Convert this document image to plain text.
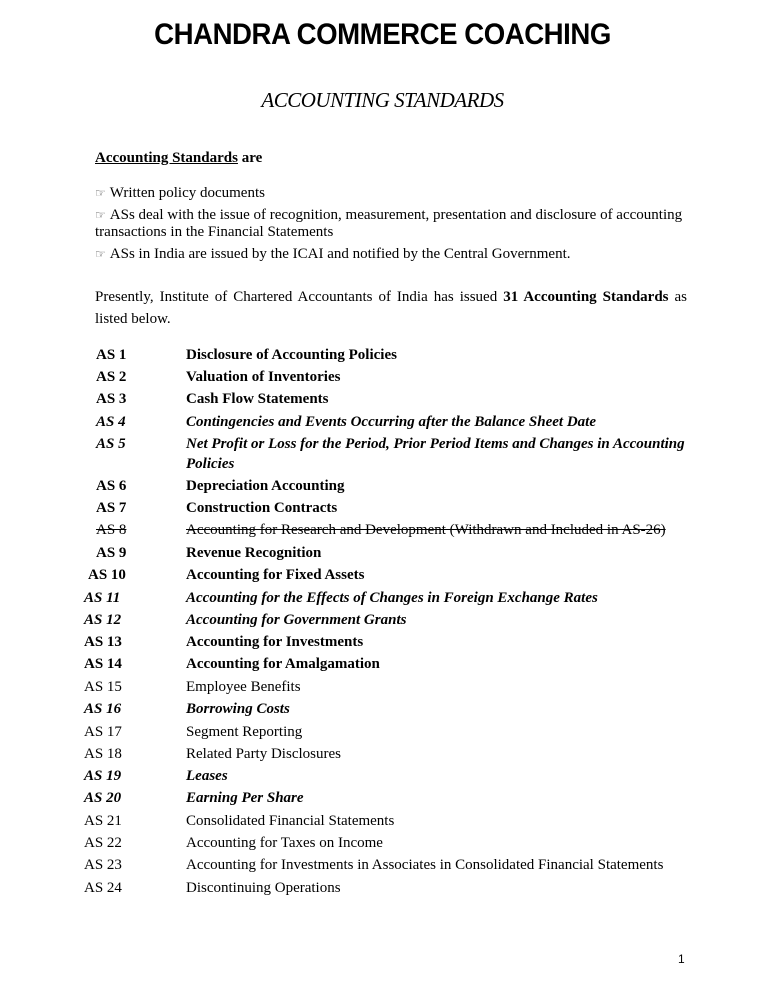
CHANDRA COMMERCE COACHING
ACCOUNTING STANDARDS
Accounting Standards are
☞ Written policy documents
☞ ASs deal with the issue of recognition, measurement, presentation and disclosure of accounting transactions in the Financial Statements
☞ ASs in India are issued by the ICAI and notified by the Central Government.
Presently, Institute of Chartered Accountants of India has issued 31 Accounting Standards as listed below.
AS 1	Disclosure of Accounting Policies
AS 2	Valuation of Inventories
AS 3	Cash Flow Statements
AS 4	Contingencies and Events Occurring after the Balance Sheet Date
AS 5	Net Profit or Loss for the Period, Prior Period Items and Changes in Accounting Policies
AS 6	Depreciation Accounting
AS 7	Construction Contracts
AS 8	Accounting for Research and Development (Withdrawn and Included in AS-26)
AS 9	Revenue Recognition
AS 10	Accounting for Fixed Assets
AS 11	Accounting for the Effects of Changes in Foreign Exchange Rates
AS 12	Accounting for Government Grants
AS 13	Accounting for Investments
AS 14	Accounting for Amalgamation
AS 15	Employee Benefits
AS 16	Borrowing Costs
AS 17	Segment Reporting
AS 18	Related Party Disclosures
AS 19	Leases
AS 20	Earning Per Share
AS 21	Consolidated Financial Statements
AS 22	Accounting for Taxes on Income
AS 23	Accounting for Investments in Associates in Consolidated Financial Statements
AS 24	Discontinuing Operations
1
